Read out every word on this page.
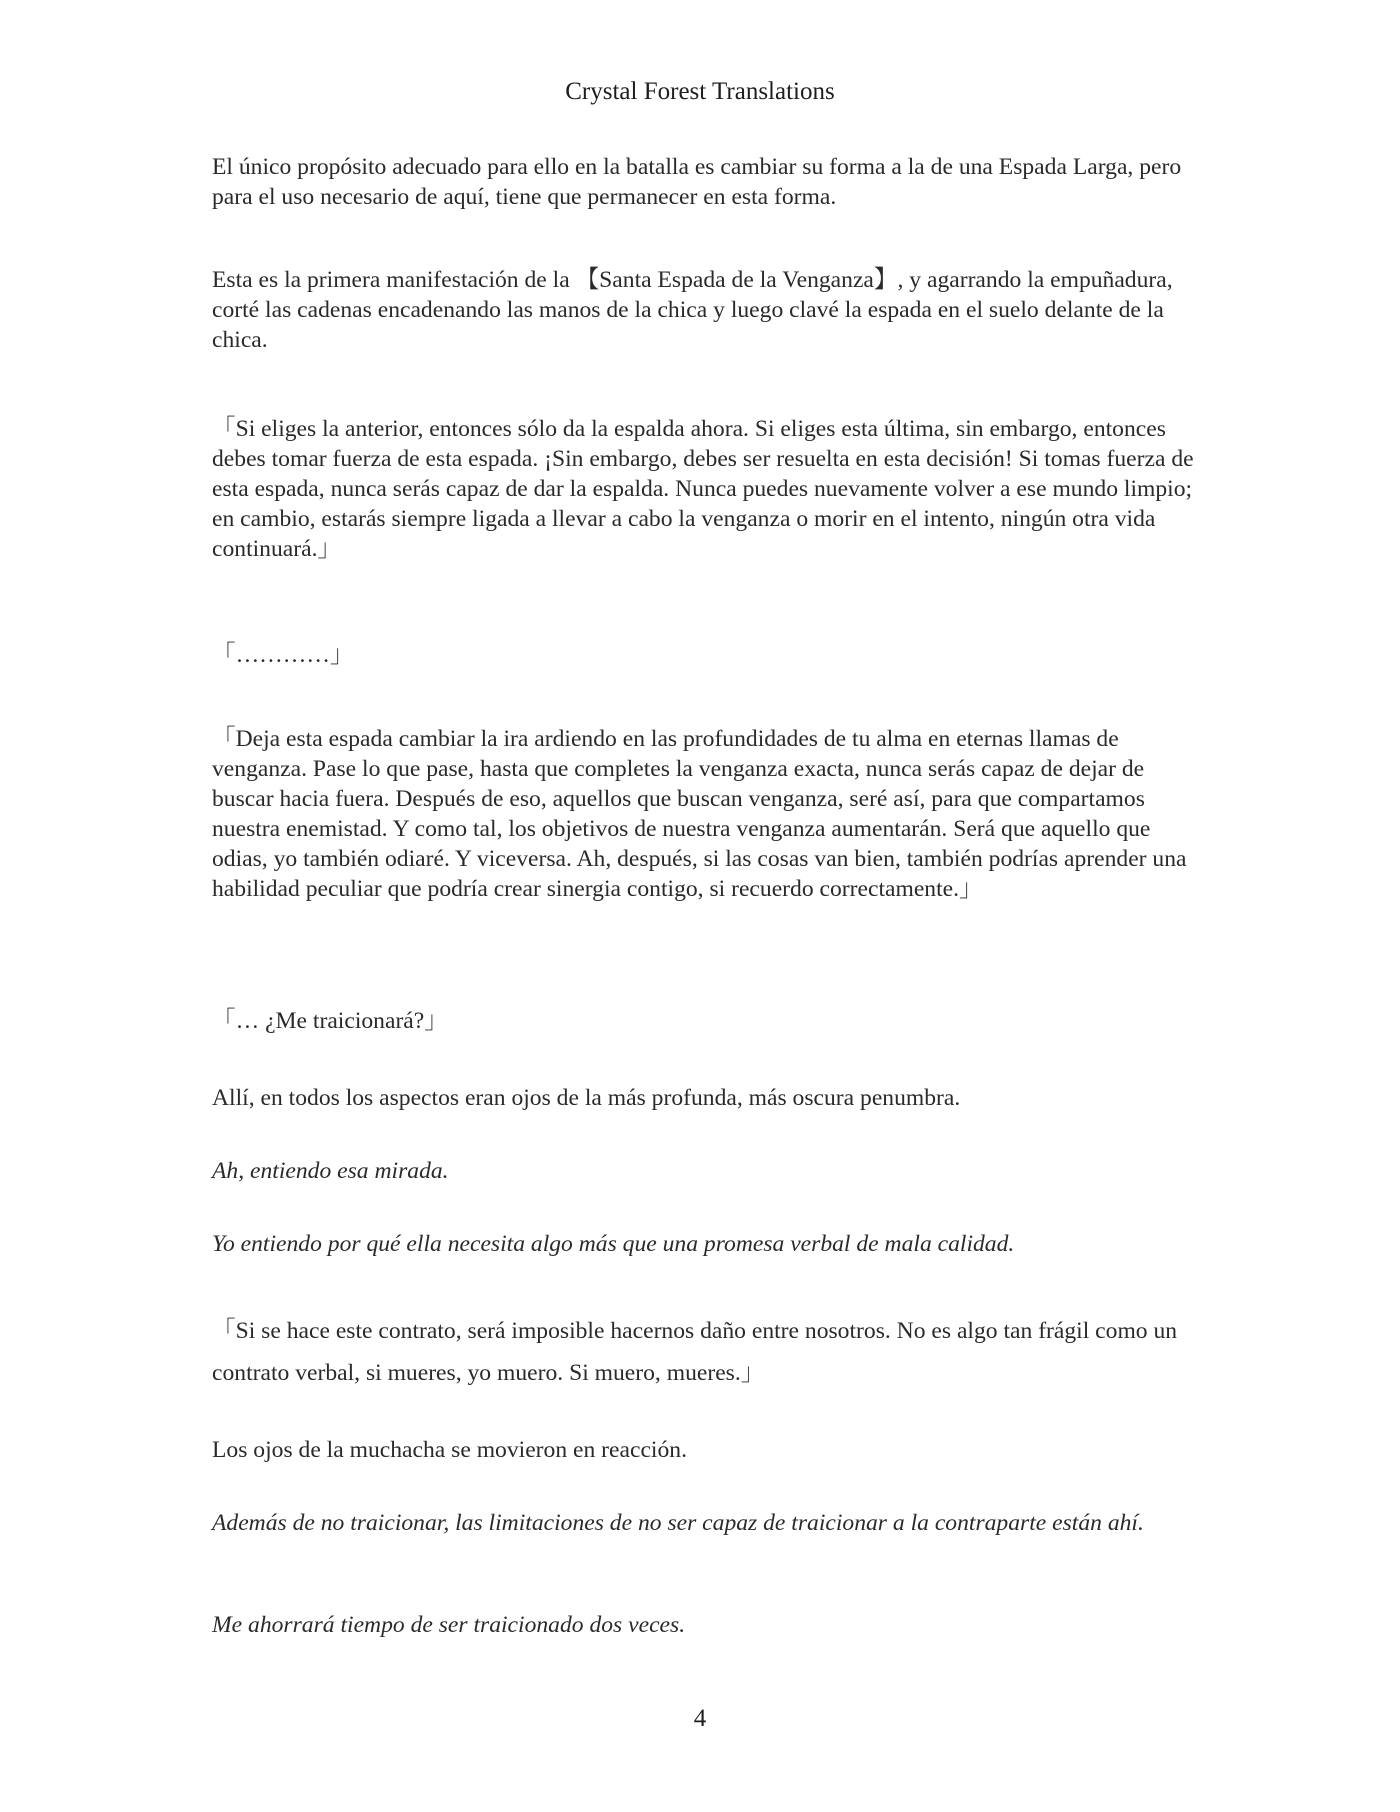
Crystal Forest Translations

El único propósito adecuado para ello en la batalla es cambiar su forma a la de una Espada Larga, pero para el uso necesario de aquí, tiene que permanecer en esta forma.

Esta es la primera manifestación de la 【Santa Espada de la Venganza】, y agarrando la empuñadura, corté las cadenas encadenando las manos de la chica y luego clavé la espada en el suelo delante de la chica.

「Si eliges la anterior, entonces sólo da la espalda ahora. Si eliges esta última, sin embargo, entonces debes tomar fuerza de esta espada. ¡Sin embargo, debes ser resuelta en esta decisión! Si tomas fuerza de esta espada, nunca serás capaz de dar la espalda. Nunca puedes nuevamente volver a ese mundo limpio; en cambio, estarás siempre ligada a llevar a cabo la venganza o morir en el intento, ningún otra vida continuará.」

「…………」

「Deja esta espada cambiar la ira ardiendo en las profundidades de tu alma en eternas llamas de venganza. Pase lo que pase, hasta que completes la venganza exacta, nunca serás capaz de dejar de buscar hacia fuera. Después de eso, aquellos que buscan venganza, seré así, para que compartamos nuestra enemistad. Y como tal, los objetivos de nuestra venganza aumentarán. Será que aquello que odias, yo también odiaré. Y viceversa. Ah, después, si las cosas van bien, también podrías aprender una habilidad peculiar que podría crear sinergia contigo, si recuerdo correctamente.」

「… ¿Me traicionará?」

Allí, en todos los aspectos eran ojos de la más profunda, más oscura penumbra.

Ah, entiendo esa mirada.

Yo entiendo por qué ella necesita algo más que una promesa verbal de mala calidad.

「Si se hace este contrato, será imposible hacernos daño entre nosotros. No es algo tan frágil como un contrato verbal, si mueres, yo muero. Si muero, mueres.」

Los ojos de la muchacha se movieron en reacción.

Además de no traicionar, las limitaciones de no ser capaz de traicionar a la contraparte están ahí.

Me ahorrará tiempo de ser traicionado dos veces.

4
